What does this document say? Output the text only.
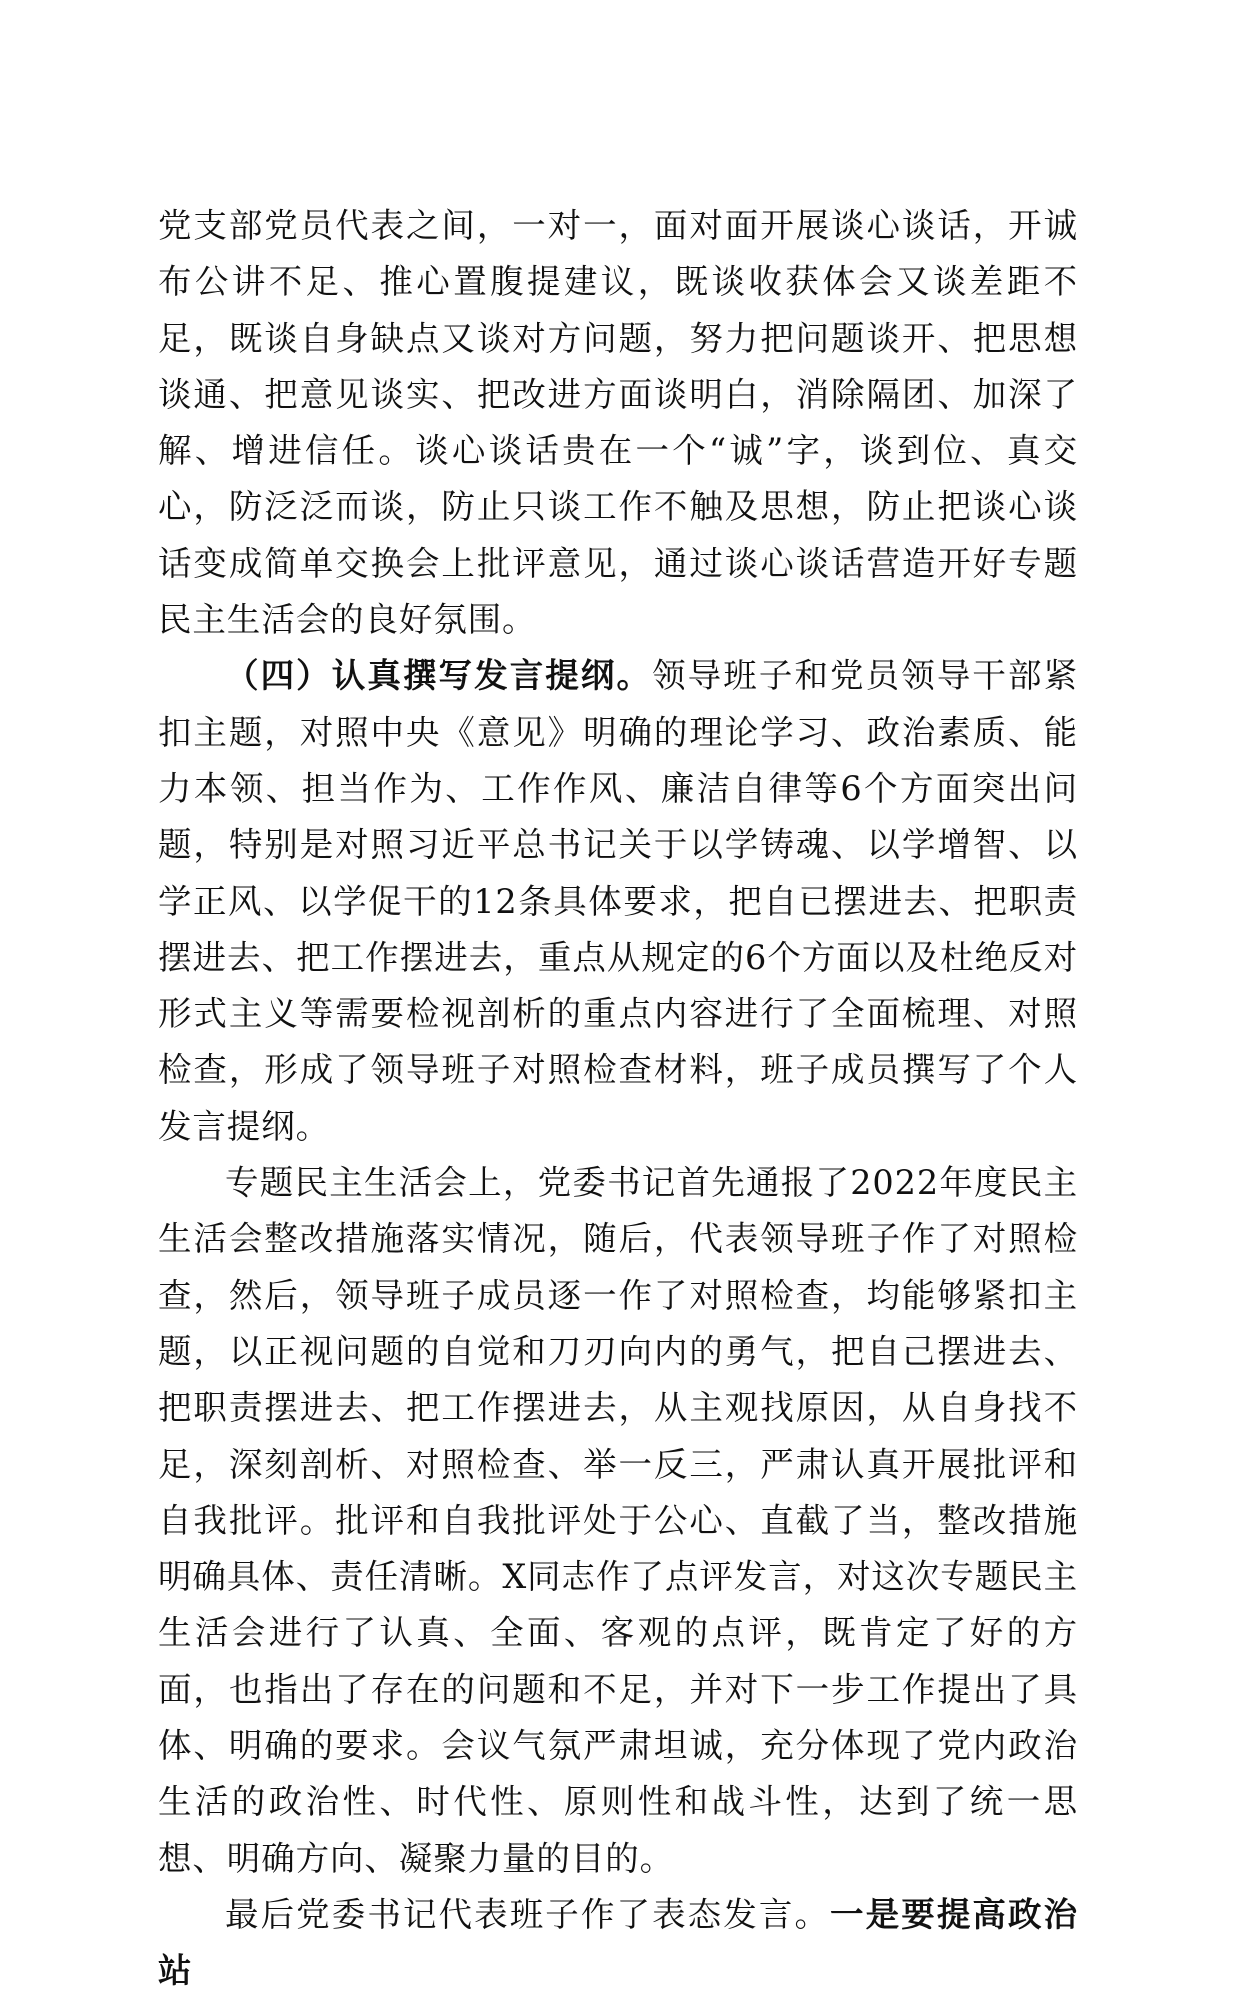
党支部党员代表之间，一对一，面对面开展谈心谈话，开诚布公讲不足、推心置腹提建议，既谈收获体会又谈差距不足，既谈自身缺点又谈对方问题，努力把问题谈开、把思想谈通、把意见谈实、把改进方面谈明白，消除隔团、加深了解、增进信任。谈心谈话贵在一个“诚”字，谈到位、真交心，防泛泛而谈，防止只谈工作不触及思想，防止把谈心谈话变成简单交换会上批评意见，通过谈心谈话营造开好专题民主生活会的良好氛围。

（四）认真撰写发言提纲。领导班子和党员领导干部紧扣主题，对照中央《意见》明确的理论学习、政治素质、能力本领、担当作为、工作作风、廉洁自律等6个方面突出问题，特别是对照习近平总书记关于以学铸魂、以学增智、以学正风、以学促干的12条具体要求，把自已摆进去、把职责摆进去、把工作摆进去，重点从规定的6个方面以及杜绝反对形式主义等需要检视剖析的重点内容进行了全面梳理、对照检查，形成了领导班子对照检查材料，班子成员撰写了个人发言提纲。

专题民主生活会上，党委书记首先通报了2022年度民主生活会整改措施落实情况，随后，代表领导班子作了对照检查，然后，领导班子成员逐一作了对照检查，均能够紧扣主题，以正视问题的自觉和刀刃向内的勇气，把自己摆进去、把职责摆进去、把工作摆进去，从主观找原因，从自身找不足，深刻剖析、对照检查、举一反三，严肃认真开展批评和自我批评。批评和自我批评处于公心、直截了当，整改措施明确具体、责任清晰。X同志作了点评发言，对这次专题民主生活会进行了认真、全面、客观的点评，既肯定了好的方面，也指出了存在的问题和不足，并对下一步工作提出了具体、明确的要求。会议气氛严肃坦诚，充分体现了党内政治生活的政治性、时代性、原则性和战斗性，达到了统一思想、明确方向、凝聚力量的目的。

最后党委书记代表班子作了表态发言。一是要提高政治站
